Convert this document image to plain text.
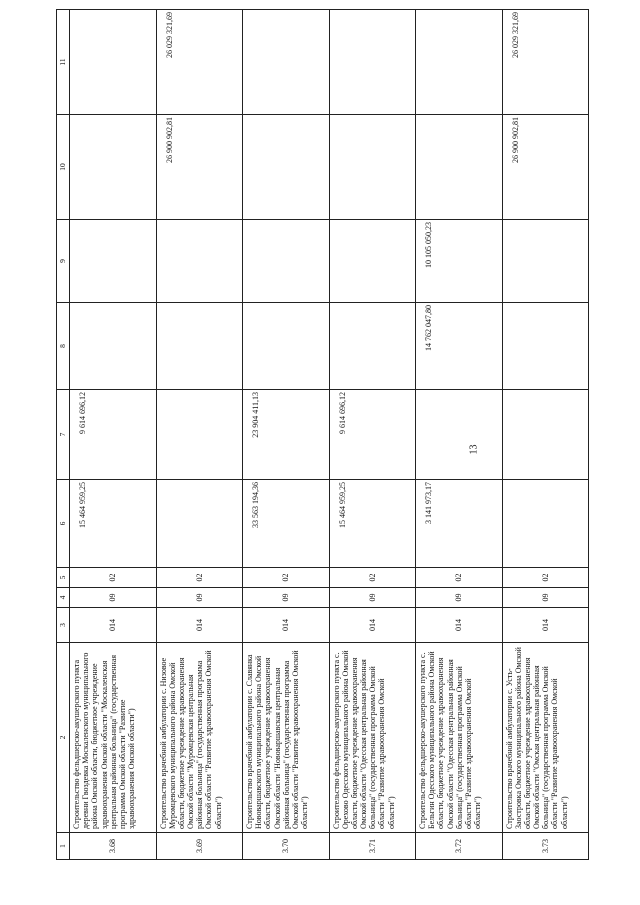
13
1	2	3	4	5	6	7	8	9	10	11
3.68	Строительство фельдшерско-акушерского пункта деревни Гвоздевка Москаленского муниципального района Омской области, бюджетное учреждение здравоохранения Омской области "Москаленская центральная районная больница" (государственная программа Омской области "Развитие здравоохранения Омской области")	014	09	02	15 464 959,25	9 614 696,12				
3.69	Строительство врачебной амбулатории с. Низовое Муромцевского муниципального района Омской области, бюджетное учреждение здравоохранения Омской области "Муромцевская центральная районная больница" (государственная программа Омской области "Развитие здравоохранения Омской области")	014	09	02					26 900 902,81	26 029 321,69
3.70	Строительство врачебной амбулатории с. Славянка Нововаршавского муниципального района Омской области, бюджетное учреждение здравоохранения Омской области "Нововаршавская центральная районная больница" (государственная программа Омской области "Развитие здравоохранения Омской области")	014	09	02	33 563 194,36	23 904 411,13				
3.71	Строительство фельдшерско-акушерского пункта с. Орехово Одесского муниципального района Омской области, бюджетное учреждение здравоохранения Омской области "Одесская центральная районная больница" (государственная программа Омской области "Развитие здравоохранения Омской области")	014	09	02	15 464 959,25	9 614 696,12				
3.72	Строительство фельдшерско-акушерского пункта с. Бельгин Одесского муниципального района Омской области, бюджетное учреждение здравоохранения Омской области "Одесская центральная районная больница" (государственная программа Омской области "Развитие здравоохранения Омской области")	014	09	02	3 141 973,17		14 762 047,80	10 105 050,23		
3.73	Строительство врачебной амбулатории с. Усть-Заостровка Омского муниципального района Омской области, бюджетное учреждение здравоохранения Омской области "Омская центральная районная больница" (государственная программа Омской области "Развитие здравоохранения Омской области")	014	09	02					26 900 902,81	26 029 321,69
